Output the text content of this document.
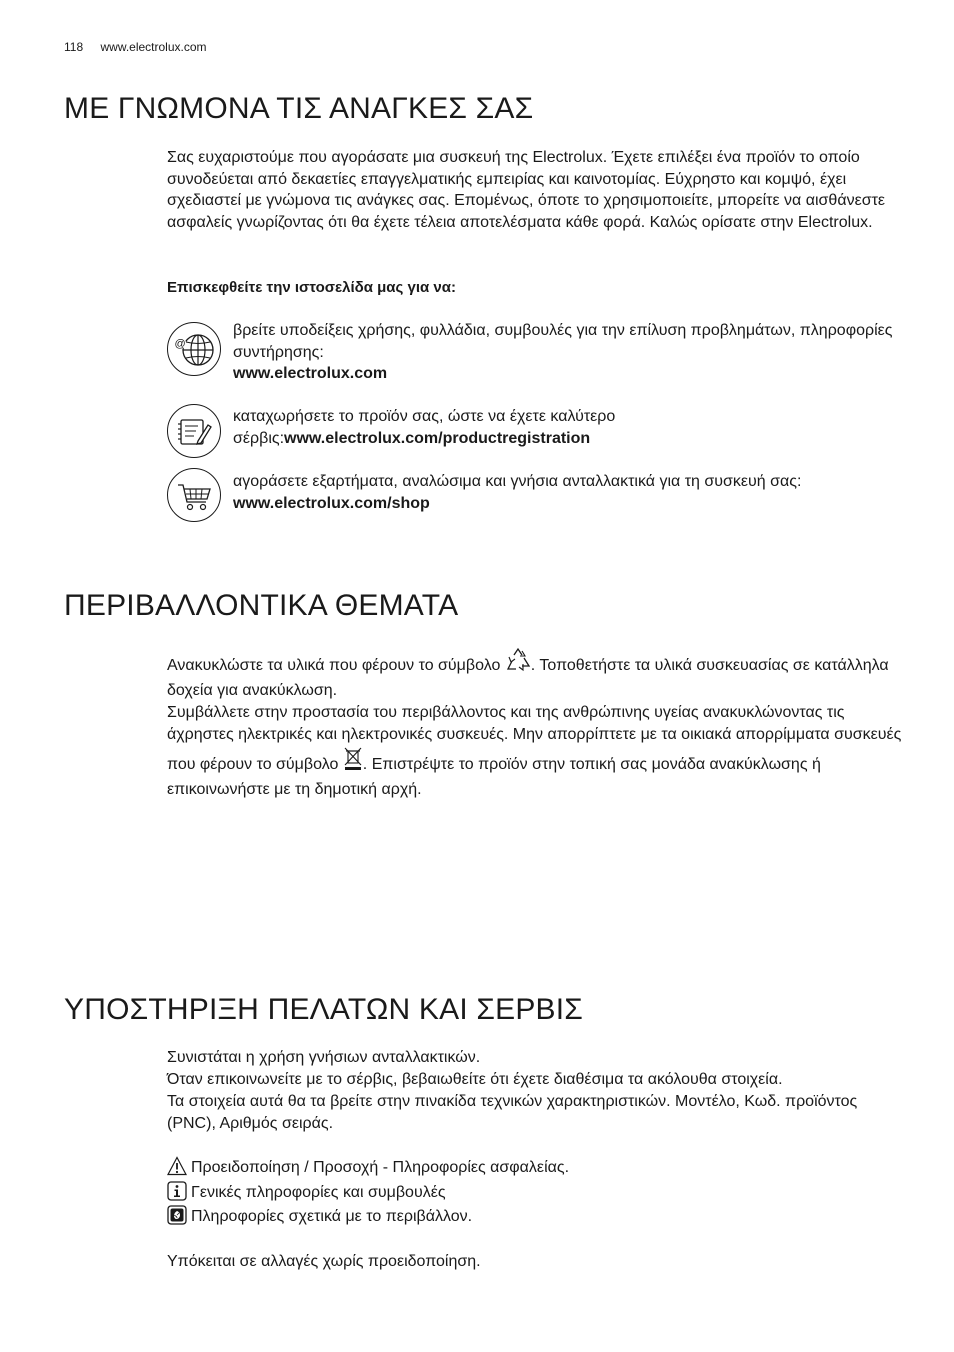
118 www.electrolux.com
ΜΕ ΓΝΩΜΟΝΑ ΤΙΣ ΑΝΑΓΚΕΣ ΣΑΣ

Σας ευχαριστούμε που αγοράσατε μια συσκευή της Electrolux. Έχετε επιλέξει ένα προϊόν το οποίο συνοδεύεται από δεκαετίες επαγγελματικής εμπειρίας και καινοτομίας. Εύχρηστο και κομψό, έχει σχεδιαστεί με γνώμονα τις ανάγκες σας. Επομένως, όποτε το χρησιμοποιείτε, μπορείτε να αισθάνεστε ασφαλείς γνωρίζοντας ότι θα έχετε τέλεια αποτελέσματα κάθε φορά. Καλώς ορίσατε στην Electrolux.

Επισκεφθείτε την ιστοσελίδα μας για να:
@
βρείτε υποδείξεις χρήσης, φυλλάδια, συμβουλές για την επίλυση προβλημάτων, πληροφορίες συντήρησης:
www.electrolux.com
καταχωρήσετε το προϊόν σας, ώστε να έχετε καλύτερο σέρβις:www.electrolux.com/productregistration
αγοράσετε εξαρτήματα, αναλώσιμα και γνήσια ανταλλακτικά για τη συσκευή σας:
www.electrolux.com/shop
ΠΕΡΙΒΑΛΛΟΝΤΙΚΑ ΘΕΜΑΤΑ

Ανακυκλώστε τα υλικά που φέρουν το σύμβολο . Τοποθετήστε τα υλικά συσκευασίας σε κατάλληλα δοχεία για ανακύκλωση.

Συμβάλλετε στην προστασία του περιβάλλοντος και της ανθρώπινης υγείας ανακυκλώνοντας τις άχρηστες ηλεκτρικές και ηλεκτρονικές συσκευές. Μην απορρίπτετε με τα οικιακά απορρίμματα συσκευές που φέρουν το σύμβολο . Επιστρέψτε το προϊόν στην τοπική σας μονάδα ανακύκλωσης ή επικοινωνήστε με τη δημοτική αρχή.

ΥΠΟΣΤΗΡΙΞΗ ΠΕΛΑΤΩΝ ΚΑΙ ΣΕΡΒΙΣ

Συνιστάται η χρήση γνήσιων ανταλλακτικών.

Όταν επικοινωνείτε με το σέρβις, βεβαιωθείτε ότι έχετε διαθέσιμα τα ακόλουθα στοιχεία.

Τα στοιχεία αυτά θα τα βρείτε στην πινακίδα τεχνικών χαρακτηριστικών. Μοντέλο, Κωδ. προϊόντος (PNC), Αριθμός σειράς.

Προειδοποίηση / Προσοχή - Πληροφορίες ασφαλείας.
Γενικές πληροφορίες και συμβουλές
Πληροφορίες σχετικά με το περιβάλλον.
Υπόκειται σε αλλαγές χωρίς προειδοποίηση.
